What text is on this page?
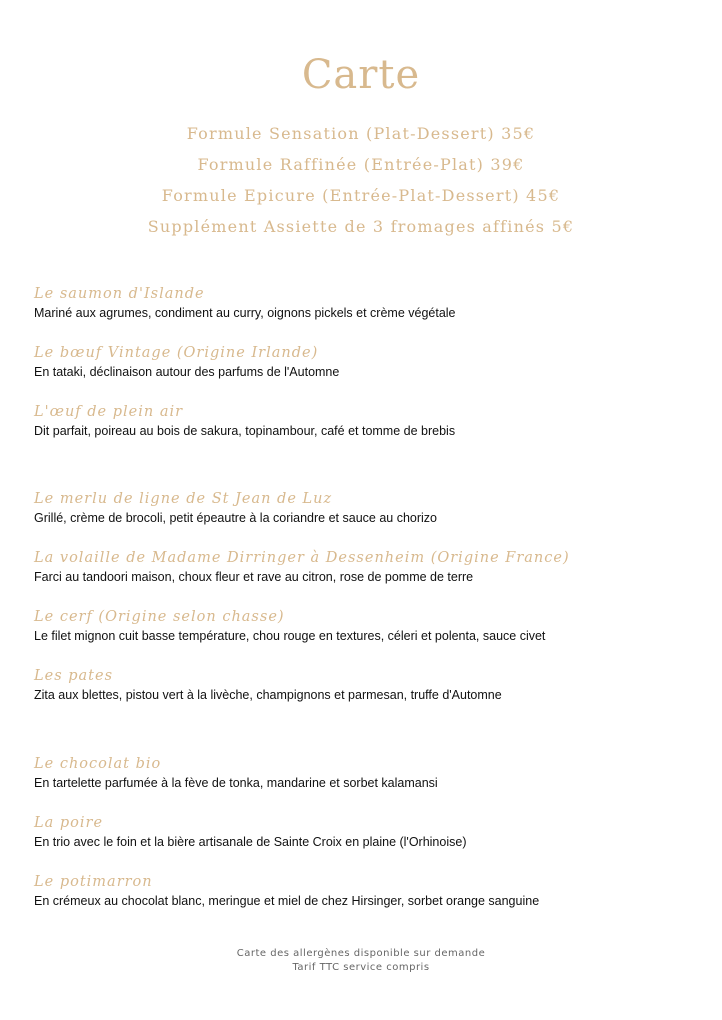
Carte
Formule Sensation (Plat-Dessert) 35€
Formule Raffinée (Entrée-Plat) 39€
Formule Epicure (Entrée-Plat-Dessert) 45€
Supplément Assiette de 3 fromages affinés 5€
Le saumon d'Islande
Mariné aux agrumes, condiment au curry, oignons pickels et crème végétale
Le bœuf Vintage (Origine Irlande)
En tataki, déclinaison autour des parfums de l'Automne
L'œuf de plein air
Dit parfait, poireau au bois de sakura, topinambour, café et tomme de brebis
Le merlu de ligne de St Jean de Luz
Grillé, crème de brocoli, petit épeautre à la coriandre et sauce au chorizo
La volaille de Madame Dirringer à Dessenheim (Origine France)
Farci au tandoori maison, choux fleur et rave au citron, rose de pomme de terre
Le cerf (Origine selon chasse)
Le filet mignon cuit basse température, chou rouge en textures, céleri et polenta, sauce civet
Les pates
Zita aux blettes, pistou vert à la livèche, champignons et parmesan, truffe d'Automne
Le chocolat bio
En tartelette parfumée à la fève de tonka, mandarine et sorbet kalamansi
La poire
En trio avec le foin et la bière artisanale de Sainte Croix en plaine (l'Orhinoise)
Le potimarron
En crémeux au chocolat blanc, meringue et miel de chez Hirsinger, sorbet orange sanguine
Carte des allergènes disponible sur demande
Tarif TTC service compris
